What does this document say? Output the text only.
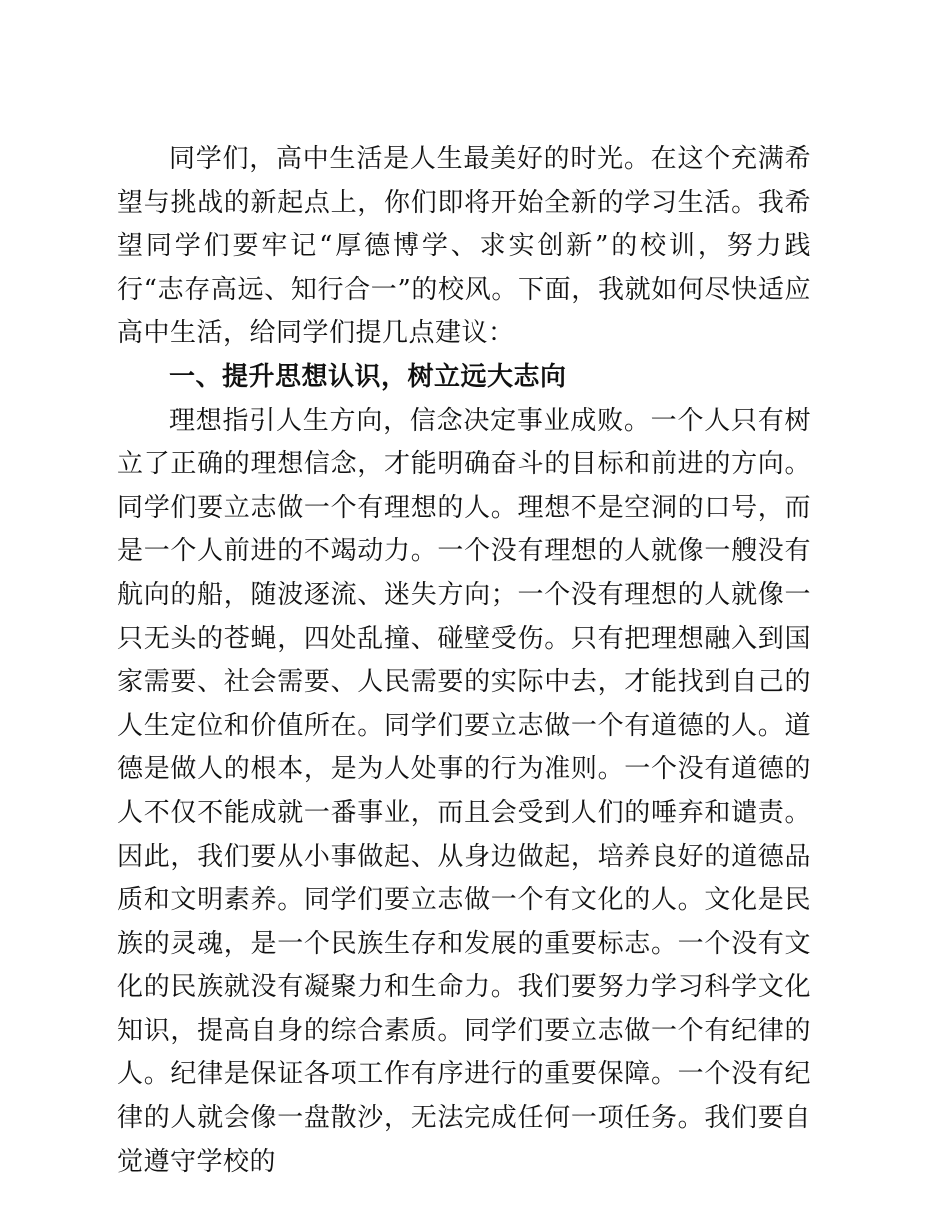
同学们，高中生活是人生最美好的时光。在这个充满希望与挑战的新起点上，你们即将开始全新的学习生活。我希望同学们要牢记“厚德博学、求实创新”的校训，努力践行“志存高远、知行合一”的校风。下面，我就如何尽快适应高中生活，给同学们提几点建议：

一、提升思想认识，树立远大志向

理想指引人生方向，信念决定事业成败。一个人只有树立了正确的理想信念，才能明确奋斗的目标和前进的方向。同学们要立志做一个有理想的人。理想不是空洞的口号，而是一个人前进的不竭动力。一个没有理想的人就像一艘没有航向的船，随波逐流、迷失方向；一个没有理想的人就像一只无头的苍蝇，四处乱撞、碰壁受伤。只有把理想融入到国家需要、社会需要、人民需要的实际中去，才能找到自己的人生定位和价值所在。同学们要立志做一个有道德的人。道德是做人的根本，是为人处事的行为准则。一个没有道德的人不仅不能成就一番事业，而且会受到人们的唾弃和谴责。因此，我们要从小事做起、从身边做起，培养良好的道德品质和文明素养。同学们要立志做一个有文化的人。文化是民族的灵魂，是一个民族生存和发展的重要标志。一个没有文化的民族就没有凝聚力和生命力。我们要努力学习科学文化知识，提高自身的综合素质。同学们要立志做一个有纪律的人。纪律是保证各项工作有序进行的重要保障。一个没有纪律的人就会像一盘散沙，无法完成任何一项任务。我们要自觉遵守学校的
